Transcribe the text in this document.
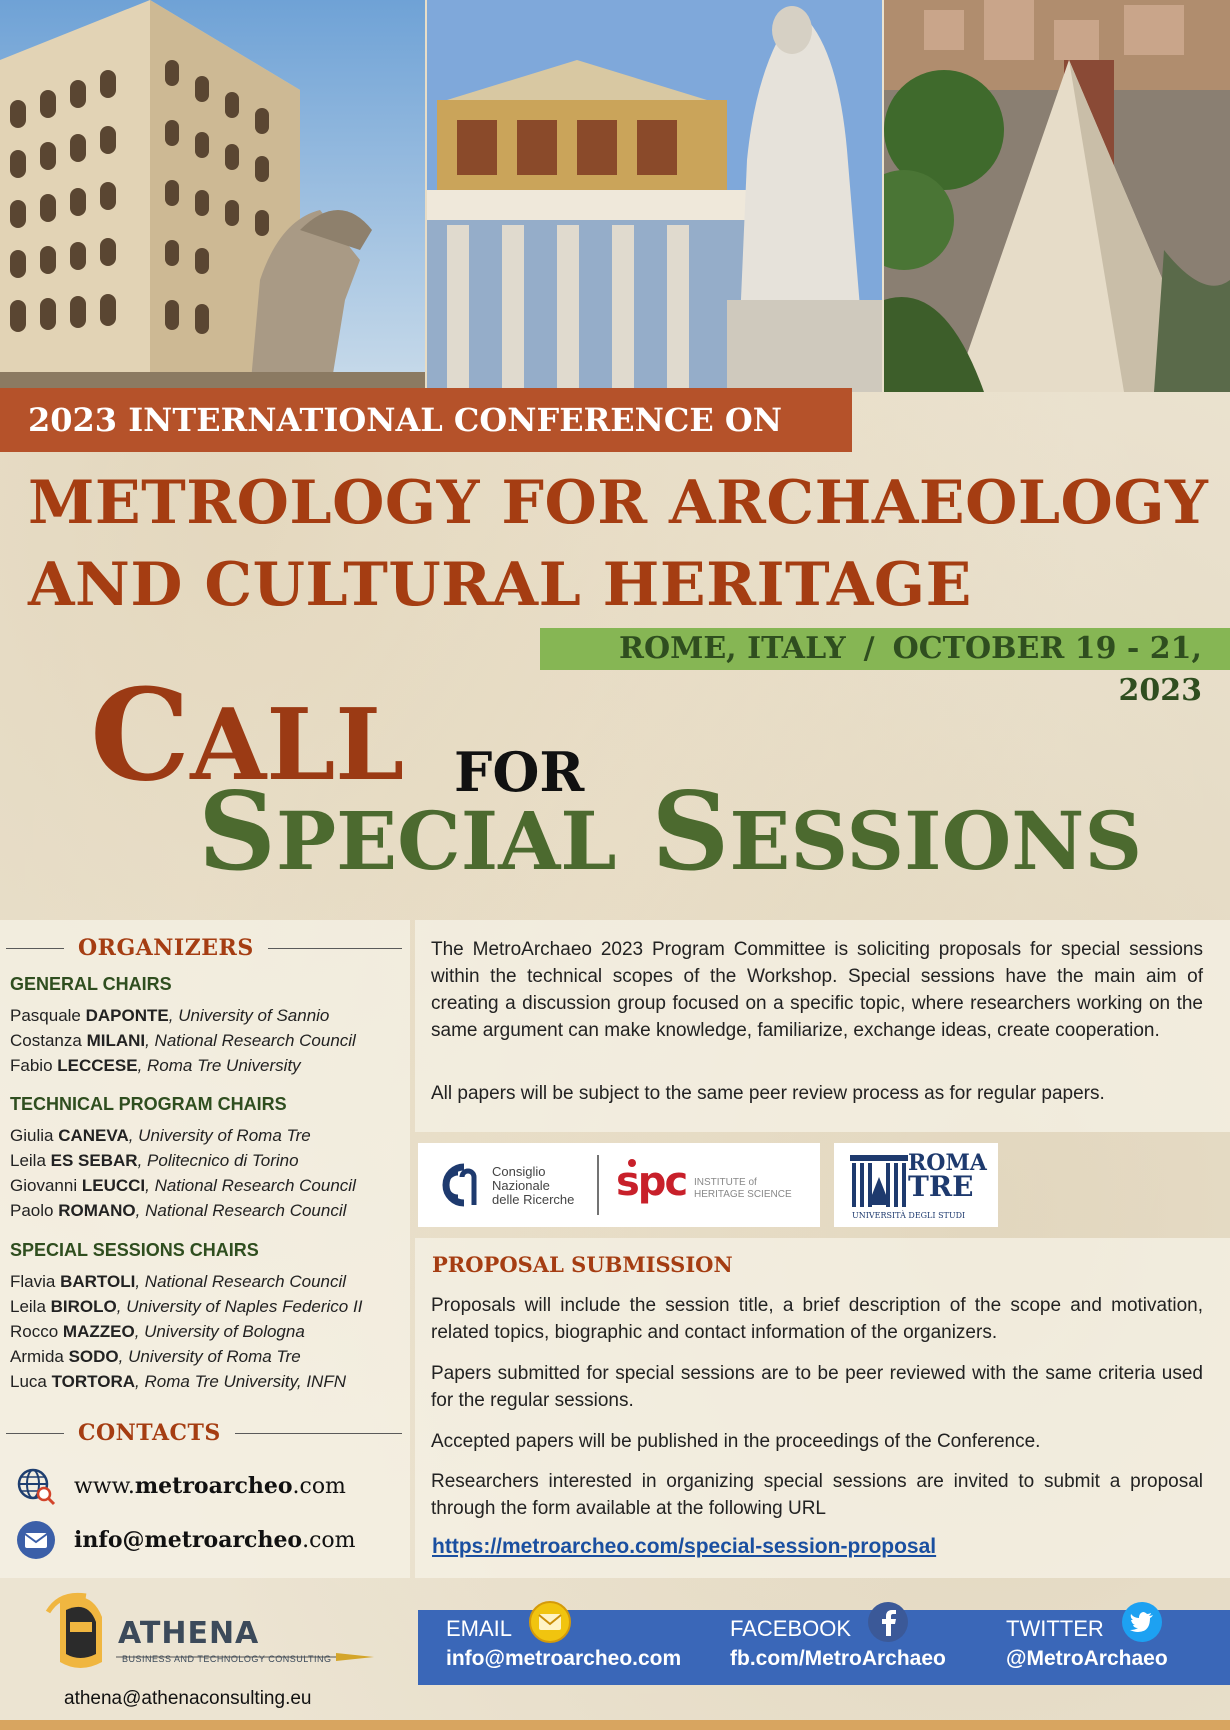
2023 INTERNATIONAL CONFERENCE ON
METROLOGY FOR ARCHAEOLOGY
AND CULTURAL HERITAGE
ROME, ITALY / OCTOBER 19 - 21, 2023
CALL FOR
SPECIAL SESSIONS
ORGANIZERS
GENERAL CHAIRS
Pasquale DAPONTE, University of Sannio
Costanza MILANI, National Research Council
Fabio LECCESE, Roma Tre University
TECHNICAL PROGRAM CHAIRS
Giulia CANEVA, University of Roma Tre
Leila ES SEBAR, Politecnico di Torino
Giovanni LEUCCI, National Research Council
Paolo ROMANO, National Research Council
SPECIAL SESSIONS CHAIRS
Flavia BARTOLI, National Research Council
Leila BIROLO, University of Naples Federico II
Rocco MAZZEO, University of Bologna
Armida SODO, University of Roma Tre
Luca TORTORA, Roma Tre University, INFN
CONTACTS
www.metroarcheo.com
info@metroarcheo.com
The MetroArchaeo 2023 Program Committee is soliciting proposals for special sessions within the technical scopes of the Workshop. Special sessions have the main aim of creating a discussion group focused on a specific topic, where researchers working on the same argument can make knowledge, familiarize, exchange ideas, create cooperation.
All papers will be subject to the same peer review process as for regular papers.
Consiglio
Nazionale
delle Ricerche spc INSTITUTE of
HERITAGE SCIENCE
ROMA
TRE
UNIVERSITÀ DEGLI STUDI
PROPOSAL SUBMISSION
Proposals will include the session title, a brief description of the scope and motivation, related topics, biographic and contact information of the organizers.
Papers submitted for special sessions are to be peer reviewed with the same criteria used for the regular sessions.
Accepted papers will be published in the proceedings of the Conference.
Researchers interested in organizing special sessions are invited to submit a proposal through the form available at the following URL
https://metroarcheo.com/special-session-proposal
ATHENA
BUSINESS AND TECHNOLOGY CONSULTING
athena@athenaconsulting.eu
EMAIL
info@metroarcheo.com
FACEBOOK
fb.com/MetroArchaeo
TWITTER
@MetroArchaeo
